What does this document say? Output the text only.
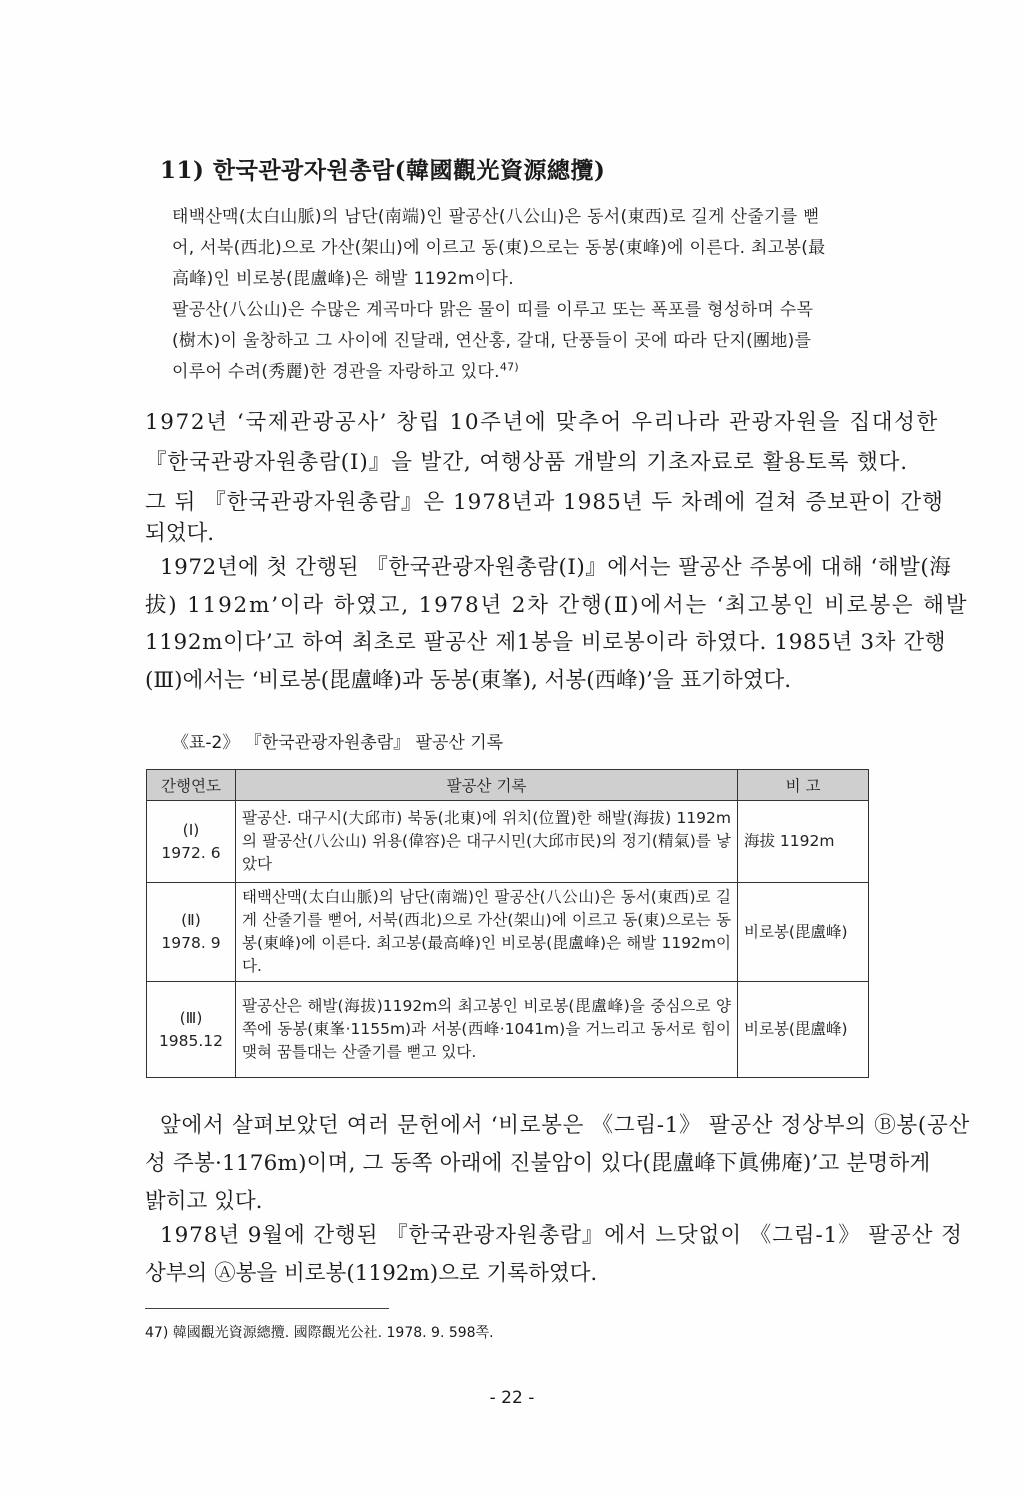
11) 한국관광자원총람(韓國觀光資源總攬)
태백산맥(太白山脈)의 남단(南端)인 팔공산(八公山)은 동서(東西)로 길게 산줄기를 뻗
어, 서북(西北)으로 가산(架山)에 이르고 동(東)으로는 동봉(東峰)에 이른다. 최고봉(最
高峰)인 비로봉(毘盧峰)은 해발 1192m이다.
팔공산(八公山)은 수많은 계곡마다 맑은 물이 띠를 이루고 또는 폭포를 형성하며 수목
(樹木)이 울창하고 그 사이에 진달래, 연산홍, 갈대, 단풍들이 곳에 따라 단지(團地)를
이루어 수려(秀麗)한 경관을 자랑하고 있다.$^{47)}$
1972년 ‘국제관광공사’ 창립 10주년에 맞추어 우리나라 관광자원을 집대성한
『한국관광자원총람(Ⅰ)』을 발간, 여행상품 개발의 기초자료로 활용토록 했다.
그 뒤 『한국관광자원총람』은 1978년과 1985년 두 차례에 걸쳐 증보판이 간행
되었다.
1972년에 첫 간행된 『한국관광자원총람(Ⅰ)』에서는 팔공산 주봉에 대해 ‘해발(海
拔) 1192m’이라 하였고, 1978년 2차 간행(Ⅱ)에서는 ‘최고봉인 비로봉은 해발
1192m이다’고 하여 최초로 팔공산 제1봉을 비로봉이라 하였다. 1985년 3차 간행
(Ⅲ)에서는 ‘비로봉(毘盧峰)과 동봉(東峯), 서봉(西峰)’을 표기하였다.
《표-2》 『한국관광자원총람』 팔공산 기록
간행연도	팔공산 기록	비 고

(Ⅰ)
1972. 6	팔공산. 대구시(大邱市) 북동(北東)에 위치(位置)한 해발(海拔) 1192m의 팔공산(八公山) 위용(偉容)은 대구시민(大邱市民)의 정기(精氣)를 낳았다	海拔 1192m

(Ⅱ)
1978. 9	태백산맥(太白山脈)의 남단(南端)인 팔공산(八公山)은 동서(東西)로 길게 산줄기를 뻗어, 서북(西北)으로 가산(架山)에 이르고 동(東)으로는 동봉(東峰)에 이른다. 최고봉(最高峰)인 비로봉(毘盧峰)은 해발 1192m이다.	비로봉(毘盧峰)

(Ⅲ)
1985.12	팔공산은 해발(海拔)1192m의 최고봉인 비로봉(毘盧峰)을 중심으로 양쪽에 동봉(東峯·1155m)과 서봉(西峰·1041m)을 거느리고 동서로 힘이 맺혀 꿈틀대는 산줄기를 뻗고 있다.	비로봉(毘盧峰)
앞에서 살펴보았던 여러 문헌에서 ‘비로봉은 《그림-1》 팔공산 정상부의 Ⓑ봉(공산
성 주봉·1176m)이며, 그 동쪽 아래에 진불암이 있다(毘盧峰下眞佛庵)’고 분명하게
밝히고 있다.
1978년 9월에 간행된 『한국관광자원총람』에서 느닷없이 《그림-1》 팔공산 정
상부의 Ⓐ봉을 비로봉(1192m)으로 기록하였다.
47) 韓國觀光資源總攬. 國際觀光公社. 1978. 9. 598쪽.
- 22 -
